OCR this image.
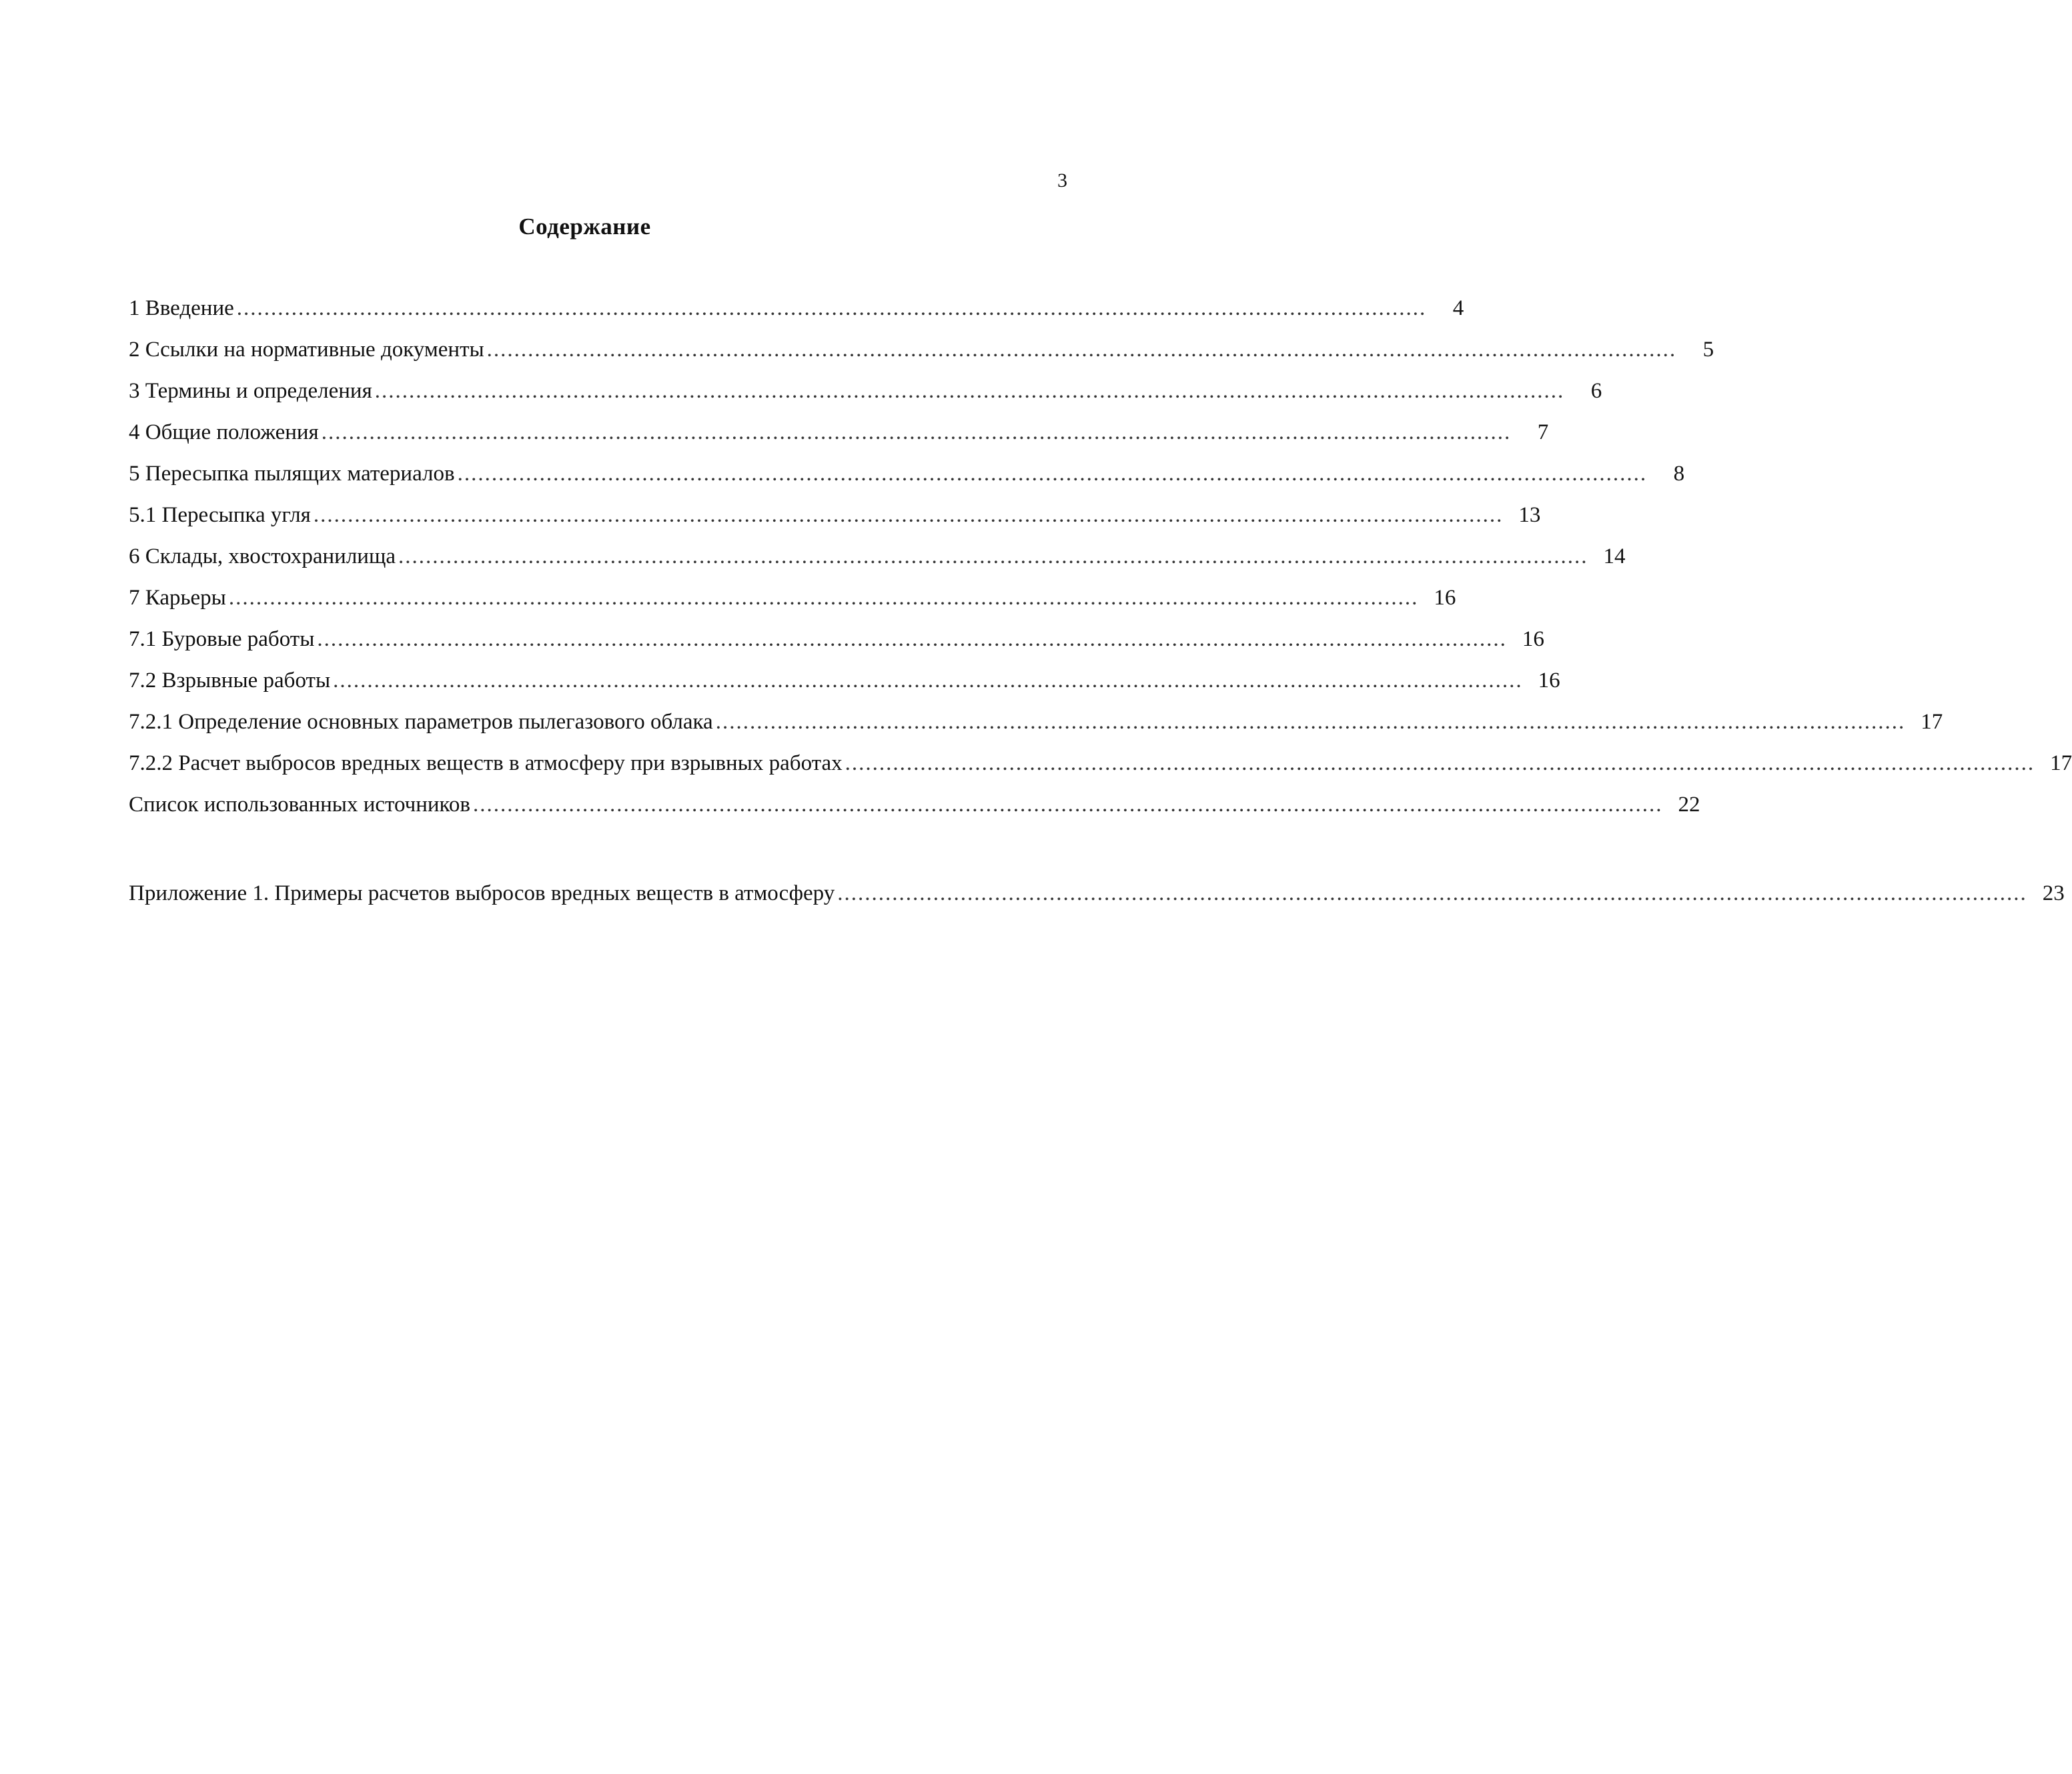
3
Содержание
1 Введение ..............................................................................................................................................................................	4
2 Ссылки на нормативные документы ..............................................................................................................................................................................	5
3 Термины и определения ..............................................................................................................................................................................	6
4 Общие положения ..............................................................................................................................................................................	7
5 Пересыпка пылящих материалов ..............................................................................................................................................................................	8
5.1 Пересыпка угля .............................................................................................................................................................................. 13
6 Склады, хвостохранилища .............................................................................................................................................................................. 14
7 Карьеры .............................................................................................................................................................................. 16
7.1 Буровые работы .............................................................................................................................................................................. 16
7.2 Взрывные работы .............................................................................................................................................................................. 16
7.2.1 Определение основных параметров пылегазового облака .............................................................................................................................................................................. 17
7.2.2 Расчет выбросов вредных веществ в атмосферу при взрывных работах .............................................................................................................................................................................. 17
Список использованных источников .............................................................................................................................................................................. 22
Приложение 1. Примеры расчетов выбросов вредных веществ в атмосферу .............................................................................................................................................................................. 23
